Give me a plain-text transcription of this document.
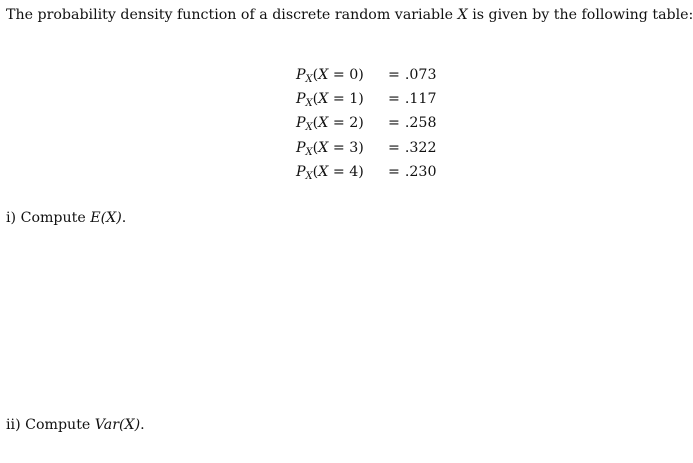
The probability density function of a discrete random variable X is given by the following table:
$P_X(X = 0)$	= .073
$P_X(X = 1)$	= .117
$P_X(X = 2)$	= .258
$P_X(X = 3)$	= .322
$P_X(X = 4)$	= .230
i) Compute E(X).
ii) Compute Var(X).
